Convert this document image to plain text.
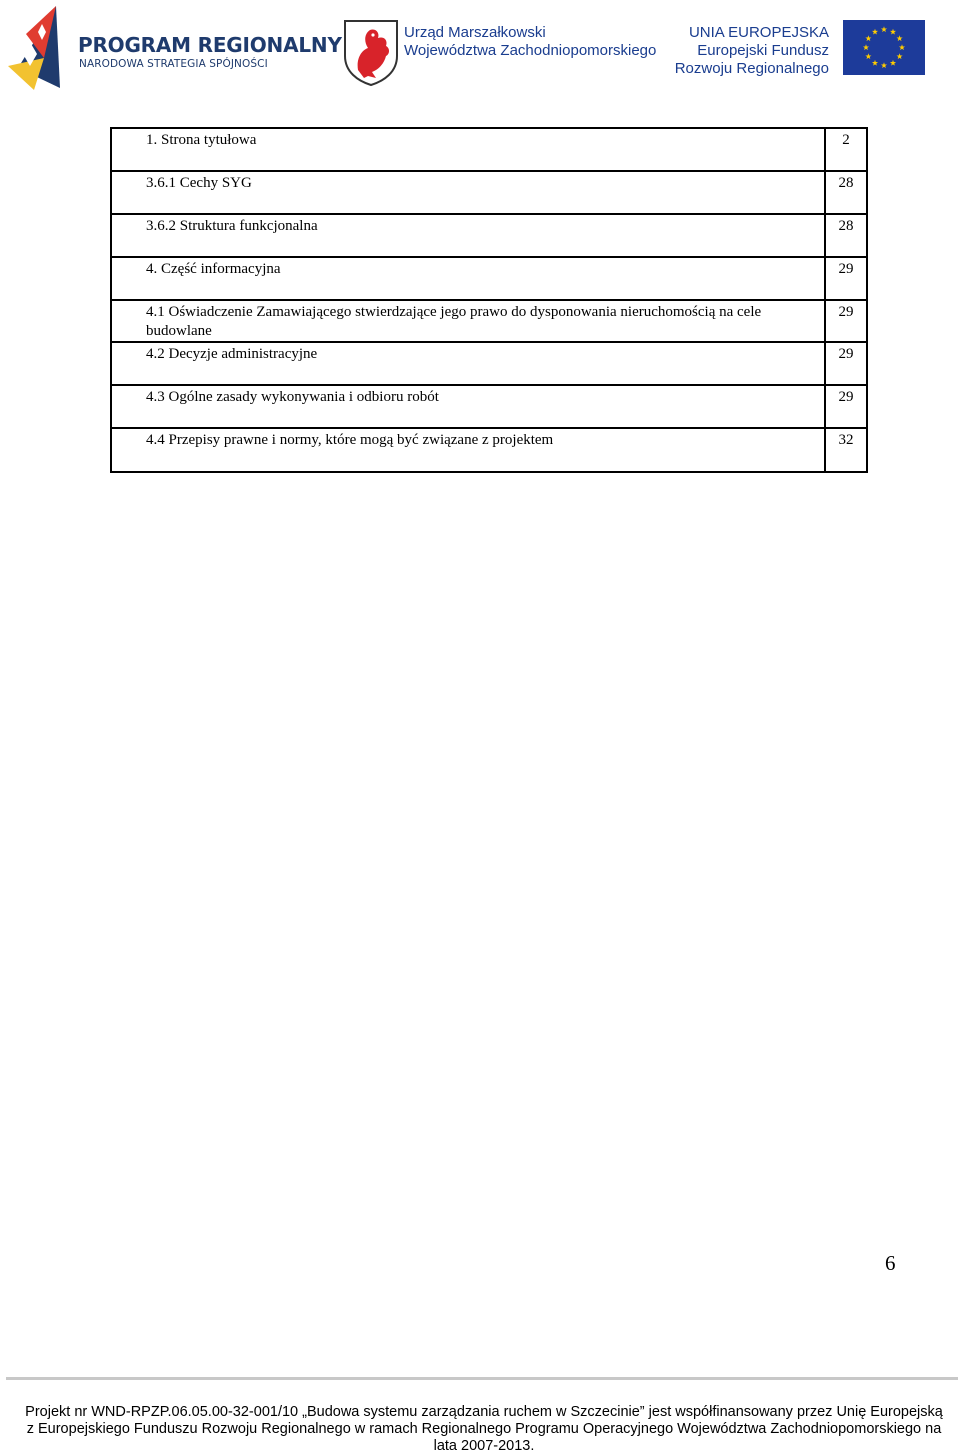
PROGRAM REGIONALNY
NARODOWA STRATEGIA SPÓJNOŚCI
Urząd Marszałkowski
Województwa Zachodniopomorskiego
UNIA EUROPEJSKA
Europejski Fundusz
Rozwoju Regionalnego
1. Strona tytułowa	2
3.6.1 Cechy SYG	28
3.6.2 Struktura funkcjonalna	28
4. Część informacyjna	29
4.1 Oświadczenie Zamawiającego stwierdzające jego prawo do dysponowania nieruchomością na cele budowlane	29
4.2 Decyzje administracyjne	29
4.3 Ogólne zasady wykonywania i odbioru robót	29
4.4 Przepisy prawne i normy, które mogą być związane z projektem	32
6
Projekt nr WND-RPZP.06.05.00-32-001/10 „Budowa systemu zarządzania ruchem w Szczecinie” jest współfinansowany przez Unię Europejską
z Europejskiego Funduszu Rozwoju Regionalnego w ramach Regionalnego Programu Operacyjnego Województwa Zachodniopomorskiego na
lata 2007-2013.
